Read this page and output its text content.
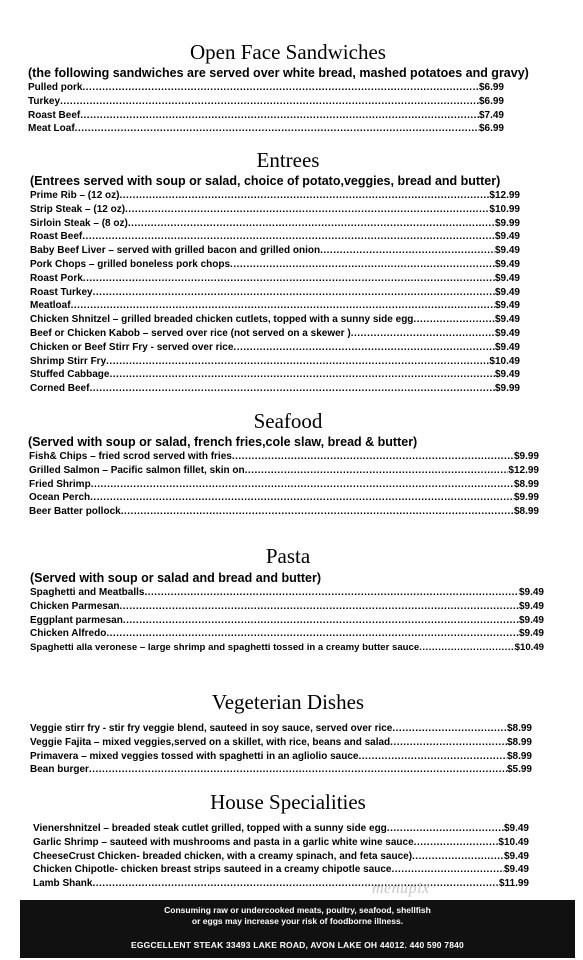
Open Face Sandwiches
(the following sandwiches are served over white bread, mashed potatoes and gravy)
Pulled pork .....	$6.99
Turkey .....	$6.99
Roast Beef .....	$7.49
Meat Loaf .....	$6.99
Entrees
(Entrees served with soup or salad, choice of potato,veggies, bread and butter)
Prime Rib – (12 oz) .....	$12.99
Strip Steak – (12 oz) .....	$10.99
Sirloin Steak – (8 oz) .....	$9.99
Roast Beef .....	$9.49
Baby Beef Liver – served with grilled bacon and grilled onion .....	$9.49
Pork Chops – grilled boneless pork chops .....	$9.49
Roast Pork .....	$9.49
Roast Turkey .....	$9.49
Meatloaf .....	$9.49
Chicken Shnitzel – grilled breaded chicken cutlets, topped with a sunny side egg .....	$9.49
Beef or Chicken Kabob – served over rice (not served on a skewer ) .....	$9.49
Chicken or Beef Stirr Fry - served over rice .....	$9.49
Shrimp Stirr Fry .....	$10.49
Stuffed Cabbage .....	$9.49
Corned Beef .....	$9.99
Seafood
(Served with soup or salad, french fries,cole slaw, bread & butter)
Fish& Chips – fried scrod served with fries .....	$9.99
Grilled Salmon – Pacific salmon fillet, skin on .....	$12.99
Fried Shrimp .....	$8.99
Ocean Perch .....	$9.99
Beer Batter pollock .....	$8.99
Pasta
(Served with soup or salad and bread and butter)
Spaghetti and Meatballs .....	$9.49
Chicken Parmesan .....	$9.49
Eggplant parmesan .....	$9.49
Chicken Alfredo .....	$9.49
Spaghetti alla veronese – large shrimp and spaghetti tossed in a creamy butter sauce .....	$10.49
Vegeterian Dishes
Veggie stirr fry - stir fry veggie blend, sauteed in soy sauce, served over rice .....	$8.99
Veggie Fajita – mixed veggies,served on a skillet, with rice, beans and salad .....	$8.99
Primavera – mixed veggies tossed with spaghetti in an agliolio sauce .....	$8.99
Bean burger .....	$5.99
House Specialities
Vienershnitzel – breaded steak cutlet grilled, topped with a sunny side egg .....	$9.49
Garlic Shrimp – sauteed with mushrooms and pasta in a garlic white wine sauce .....	$10.49
CheeseCrust Chicken- breaded chicken, with a creamy spinach, and feta sauce) .....	$9.49
Chicken Chipotle- chicken breast strips sauteed in a creamy chipotle sauce .....	$9.49
Lamb Shank .....	$11.99
menupix
Consuming raw or undercooked meats, poultry, seafood, shellfish
or eggs may increase your risk of foodborne illness.
EGGCELLENT STEAK 33493 LAKE ROAD, AVON LAKE OH 44012. 440 590 7840
